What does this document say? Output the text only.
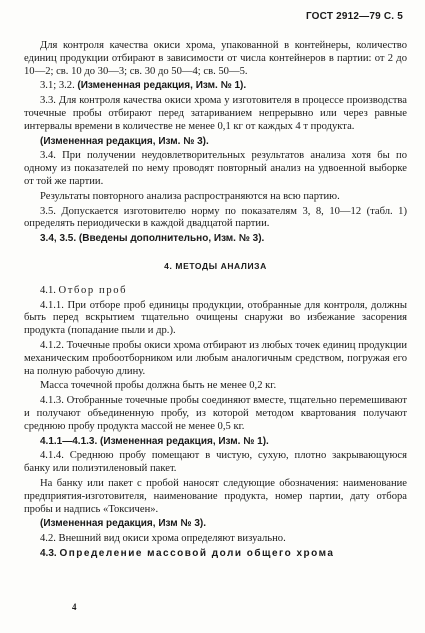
ГОСТ 2912—79 С. 5

Для контроля качества окиси хрома, упакованной в контейнеры, количество единиц продукции отбирают в зависимости от числа контейнеров в партии: от 2 до 10—2; св. 10 до 30—3; св. 30 до 50—4; св. 50—5.

3.1; 3.2. (Измененная редакция, Изм. № 1).

3.3. Для контроля качества окиси хрома у изготовителя в процессе производства точечные пробы отбирают перед затариванием непрерывно или через равные интервалы времени в количестве не менее 0,1 кг от каждых 4 т продукта.

(Измененная редакция, Изм. № 3).

3.4. При получении неудовлетворительных результатов анализа хотя бы по одному из показателей по нему проводят повторный анализ на удвоенной выборке от той же партии.

Результаты повторного анализа распространяются на всю партию.

3.5. Допускается изготовителю норму по показателям 3, 8, 10—12 (табл. 1) определять периодически в каждой двадцатой партии.

3.4, 3.5. (Введены дополнительно, Изм. № 3).

4. МЕТОДЫ АНАЛИЗА

4.1. Отбор проб

4.1.1. При отборе проб единицы продукции, отобранные для контроля, должны быть перед вскрытием тщательно очищены снаружи во избежание засорения продукта (попадание пыли и др.).

4.1.2. Точечные пробы окиси хрома отбирают из любых точек единиц продукции механическим пробоотборником или любым аналогичным средством, погружая его на полную рабочую длину.

Масса точечной пробы должна быть не менее 0,2 кг.

4.1.3. Отобранные точечные пробы соединяют вместе, тщательно перемешивают и получают объединенную пробу, из которой методом квартования получают среднюю пробу продукта массой не менее 0,5 кг.

4.1.1—4.1.3. (Измененная редакция, Изм. № 1).

4.1.4. Среднюю пробу помещают в чистую, сухую, плотно закрывающуюся банку или полиэтиленовый пакет.

На банку или пакет с пробой наносят следующие обозначения: наименование предприятия-изготовителя, наименование продукта, номер партии, дату отбора пробы и надпись «Токсичен».

(Измененная редакция, Изм № 3).

4.2. Внешний вид окиси хрома определяют визуально.

4.3. Определение массовой доли общего хрома

4
